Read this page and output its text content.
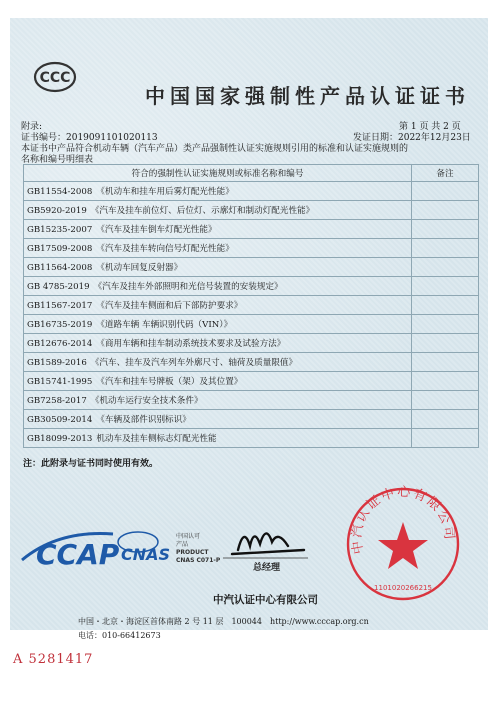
CCC
中国国家强制性产品认证证书
附录:	第 1 页 共 2 页
证书编号：2019091101020113	发证日期：2022年12月23日
本证书中产品符合机动车辆（汽车产品）类产品强制性认证实施规则引用的标准和认证实施规则的
名称和编号明细表
符合的强制性认证实施规则或标准名称和编号	备注
GB11554-2008 《机动车和挂车用后雾灯配光性能》	
GB5920-2019 《汽车及挂车前位灯、后位灯、示廓灯和制动灯配光性能》	
GB15235-2007 《汽车及挂车倒车灯配光性能》	
GB17509-2008 《汽车及挂车转向信号灯配光性能》	
GB11564-2008 《机动车回复反射器》	
GB 4785-2019 《汽车及挂车外部照明和光信号装置的安装规定》	
GB11567-2017 《汽车及挂车侧面和后下部防护要求》	
GB16735-2019 《道路车辆 车辆识别代码（VIN）》	
GB12676-2014 《商用车辆和挂车制动系统技术要求及试验方法》	
GB1589-2016 《汽车、挂车及汽车列车外廓尺寸、轴荷及质量限值》	
GB15741-1995 《汽车和挂车号牌板（架）及其位置》	
GB7258-2017 《机动车运行安全技术条件》	
GB30509-2014 《车辆及部件识别标识》	
GB18099-2013 机动车及挂车侧标志灯配光性能	
注：此附录与证书同时使用有效。
CCAP CNAS
中国认可
产品
PRODUCT
CNAS C071-P
总经理
中汽认证中心有限公司
1101020266215
中汽认证中心有限公司
中国・北京・海淀区首体南路 2 号 11 层　100044　http://www.cccap.org.cn
电话：010-66412673
A 5281417
